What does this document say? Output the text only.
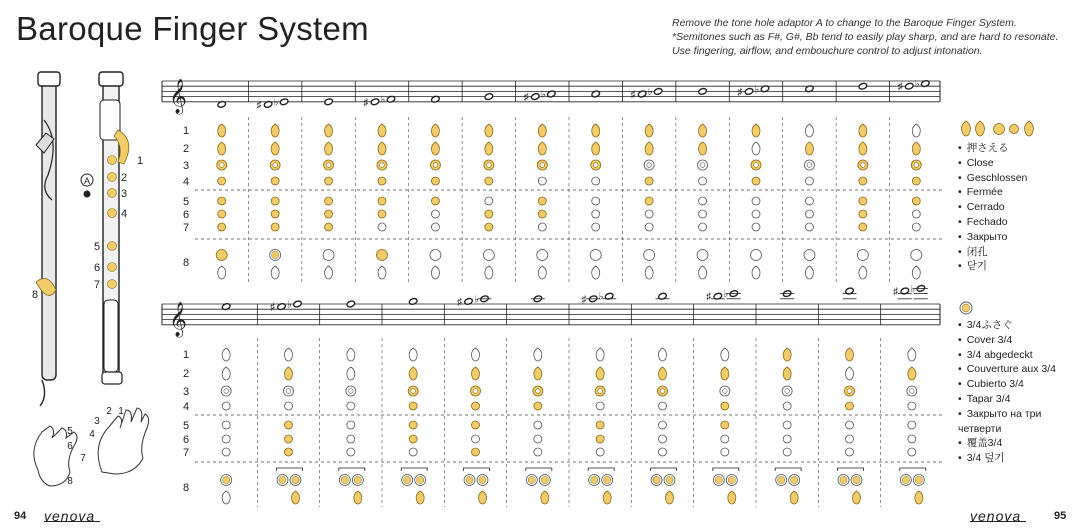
Baroque Finger System	Remove the tone hole adaptor A to change to the Baroque Finger System.
*Semitones such as F#, G#, Bb tend to easily play sharp, and are hard to resonate.
Use fingering, airflow, and embouchure control to adjust intonation.
1
2
3
4
5
6
7
8
A
1
2
3
4
5
6
7
8
𝄞	♯ ♭	♯ ♭	♯ ♭	♯ ♭	♯ ♭	♯ ♭
𝄞	♯ ♭	♯ ♭	♯ ♭	♯ ♭	♯ ♭
1
2
3
4
5
6
7
8
1
2
3
4
5
6
7
8
• 押さえる
• Close
• Geschlossen
• Fermée
• Cerrado
• Fechado
• Закрыто
• 闭孔
• 닫기
• 3/4ふさぐ
• Cover 3/4
• 3/4 abgedeckt
• Couverture aux 3/4
• Cubierto 3/4
• Tapar 3/4
• Закрыто на три четверти
• 覆盖3/4
• 3/4 덮기
94 venova	venova	95
